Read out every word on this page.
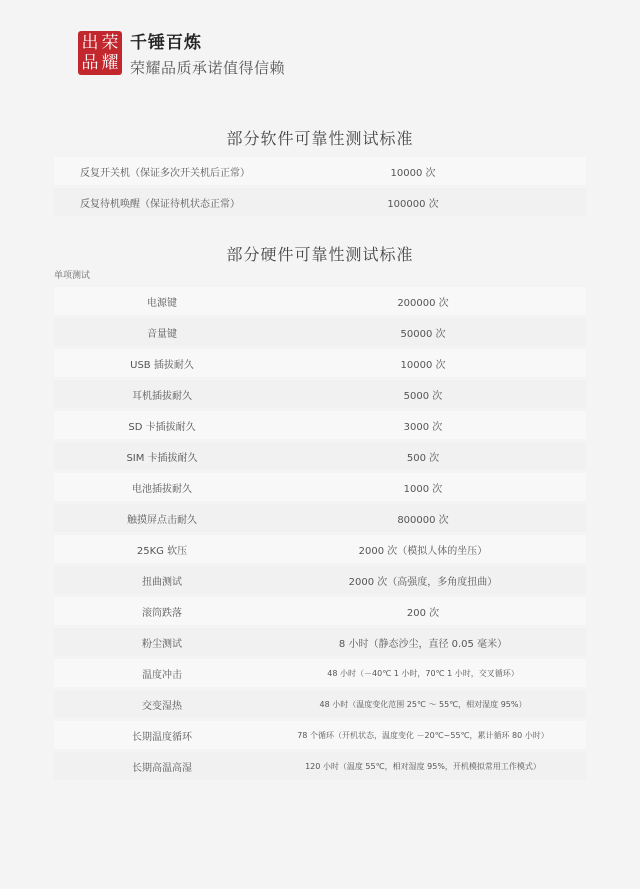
出 荣
品 耀
千锤百炼
荣耀品质承诺值得信赖
部分软件可靠性测试标准
反复开关机（保证多次开关机后正常）	10000 次
反复待机唤醒（保证待机状态正常）	100000 次
部分硬件可靠性测试标准
单项测试
电源键	200000 次
音量键	50000 次
USB 插拔耐久	10000 次
耳机插拔耐久	5000 次
SD 卡插拔耐久	3000 次
SIM 卡插拔耐久	500 次
电池插拔耐久	1000 次
触摸屏点击耐久	800000 次
25KG 软压	2000 次（模拟人体的坐压）
扭曲测试	2000 次（高强度，多角度扭曲）
滚筒跌落	200 次
粉尘测试	8 小时（静态沙尘，直径 0.05 毫米）
温度冲击	48 小时（－40℃ 1 小时，70℃ 1 小时，交叉循环）
交变湿热	48 小时（温度变化范围 25℃ ～ 55℃，相对湿度 95%）
长期温度循环	78 个循环（开机状态，温度变化 －20℃~55℃，累计循环 80 小时）
长期高温高湿	120 小时（温度 55℃，相对湿度 95%，开机模拟常用工作模式）
